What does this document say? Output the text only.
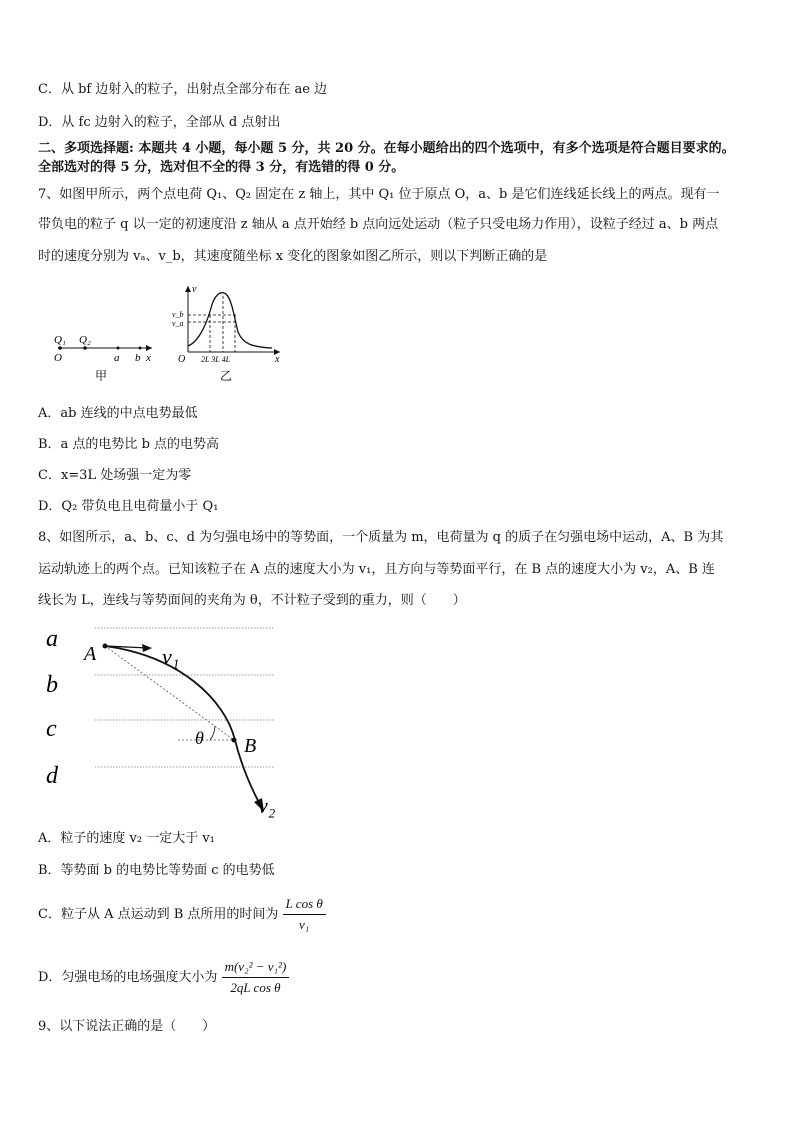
C．从 bf 边射入的粒子，出射点全部分布在 ae 边
D．从 fc 边射入的粒子，全部从 d 点射出
二、多项选择题: 本题共 4 小题，每小题 5 分，共 20 分。在每小题给出的四个选项中，有多个选项是符合题目要求的。
全部选对的得 5 分，选对但不全的得 3 分，有选错的得 0 分。
7、如图甲所示，两个点电荷 Q₁、Q₂ 固定在 z 轴上，其中 Q₁ 位于原点 O，a、b 是它们连线延长线上的两点。现有一
带负电的粒子 q 以一定的初速度沿 z 轴从 a 点开始经 b 点向远处运动（粒子只受电场力作用），设粒子经过 a、b 两点
时的速度分别为 vₐ、v_b，其速度随坐标 x 变化的图象如图乙所示，则以下判断正确的是
Q₁ Q₂
O	a b x
甲
v
v_b
v_a
O 2L 3L 4L	x
乙
A．ab 连线的中点电势最低
B．a 点的电势比 b 点的电势高
C．x=3L 处场强一定为零
D．Q₂ 带负电且电荷量小于 Q₁
8、如图所示，a、b、c、d 为匀强电场中的等势面，一个质量为 m，电荷量为 q 的质子在匀强电场中运动，A、B 为其
运动轨迹上的两个点。已知该粒子在 A 点的速度大小为 v₁，且方向与等势面平行，在 B 点的速度大小为 v₂，A、B 连
线长为 L，连线与等势面间的夹角为 θ，不计粒子受到的重力，则（　　）
a
b
c
d
A
B
v₁
v₂
θ
A．粒子的速度 v₂ 一定大于 v₁
B．等势面 b 的电势比等势面 c 的电势低
C．粒子从 A 点运动到 B 点所用的时间为 $\frac{\text{L cos θ}}{\text{v₁}}$
D．匀强电场的电场强度大小为 $\frac{\text{m(v₂² − v₁²)}}{\text{2qL cos θ}}$
9、以下说法正确的是（　　）
